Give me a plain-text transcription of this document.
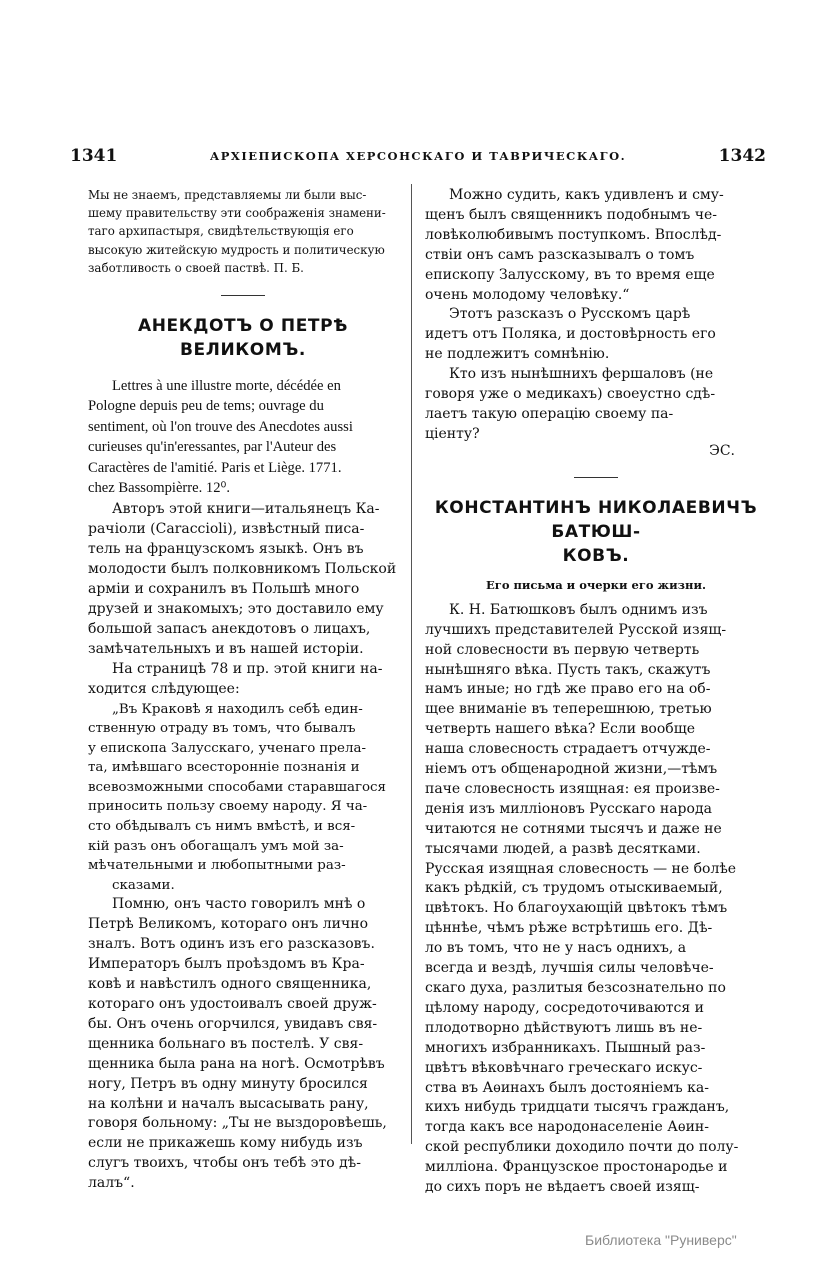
1341	АРХІЕПИСКОПА ХЕРСОНСКАГО И ТАВРИЧЕСКАГО.	1342

Мы не знаемъ, представляемы ли были выс-

шему правительству эти соображенія знамени-

таго архипастыря, свидѣтельствующія его

высокую житейскую мудрость и политическую

заботливость о своей паствѣ. П. Б.

АНЕКДОТЪ О ПЕТРѢ ВЕЛИКОМЪ.

Lettres à une illustre morte, décédée en

Pologne depuis peu de tems; ouvrage du

sentiment, où l'on trouve des Anecdotes aussi

curieuses qu'in'eressantes, par l'Auteur des

Caractères de l'amitié. Paris et Liège. 1771.

chez Bassompièrre. 12⁰.

Авторъ этой книги—итальянецъ Ка-

рачіоли (Caraccioli), извѣстный писа-

тель на французскомъ языкѣ. Онъ въ

молодости былъ полковникомъ Польской

арміи и сохранилъ въ Польшѣ много

друзей и знакомыхъ; это доставило ему

большой запасъ анекдотовъ о лицахъ,

замѣчательныхъ и въ нашей исторіи.

На страницѣ 78 и пр. этой книги на-

ходится слѣдующее:

„Въ Краковѣ я находилъ себѣ един-

ственную отраду въ томъ, что бывалъ

у епископа Залусскаго, ученаго прела-

та, имѣвшаго всесторонніе познанія и

всевозможными способами старавшагося

приносить пользу своему народу. Я ча-

сто обѣдывалъ съ нимъ вмѣстѣ, и вся-

кій разъ онъ обогащалъ умъ мой за-

мѣчательными и любопытными раз-

сказами.

Помню, онъ часто говорилъ мнѣ о

Петрѣ Великомъ, котораго онъ лично

зналъ. Вотъ одинъ изъ его разсказовъ.

Императоръ былъ проѣздомъ въ Кра-

ковѣ и навѣстилъ одного священника,

котораго онъ удостоивалъ своей друж-

бы. Онъ очень огорчился, увидавъ свя-

щенника больнаго въ постелѣ. У свя-

щенника была рана на ногѣ. Осмотрѣвъ

ногу, Петръ въ одну минуту бросился

на колѣни и началъ высасывать рану,

говоря больному: „Ты не выздоровѣешь,

если не прикажешь кому нибудь изъ

слугъ твоихъ, чтобы онъ тебѣ это дѣ-

лалъ“.

Можно судить, какъ удивленъ и сму-

щенъ былъ священникъ подобнымъ че-

ловѣколюбивымъ поступкомъ. Впослѣд-

ствіи онъ самъ разсказывалъ о томъ

епископу Залусскому, въ то время еще

очень молодому человѣку.“

Этотъ разсказъ о Русскомъ царѣ

идетъ отъ Поляка, и достовѣрность его

не подлежитъ сомнѣнію.

Кто изъ нынѣшнихъ фершаловъ (не

говоря уже о медикахъ) своеустно сдѣ-

лаетъ такую операцію своему па-

ціенту?

ЭС.
КОНСТАНТИНЪ НИКОЛАЕВИЧЪ БАТЮШ-
КОВЪ.

Его письма и очерки его жизни.

К. Н. Батюшковъ былъ однимъ изъ

лучшихъ представителей Русской изящ-

ной словесности въ первую четверть

нынѣшняго вѣка. Пусть такъ, скажутъ

намъ иные; но гдѣ же право его на об-

щее вниманіе въ теперешнюю, третью

четверть нашего вѣка? Если вообще

наша словесность страдаетъ отчужде-

ніемъ отъ общенародной жизни,—тѣмъ

паче словесность изящная: ея произве-

денія изъ милліоновъ Русскаго народа

читаются не сотнями тысячъ и даже не

тысячами людей, а развѣ десятками.

Русская изящная словесность — не болѣе

какъ рѣдкій, съ трудомъ отыскиваемый,

цвѣтокъ. Но благоухающій цвѣтокъ тѣмъ

цѣннѣе, чѣмъ рѣже встрѣтишь его. Дѣ-

ло въ томъ, что не у насъ однихъ, а

всегда и вездѣ, лучшія силы человѣче-

скаго духа, разлитыя безсознательно по

цѣлому народу, сосредоточиваются и

плодотворно дѣйствуютъ лишь въ не-

многихъ избранникахъ. Пышный раз-

цвѣтъ вѣковѣчнаго греческаго искус-

ства въ Аѳинахъ былъ достояніемъ ка-

кихъ нибудь тридцати тысячъ гражданъ,

тогда какъ все народонаселеніе Аѳин-

ской республики доходило почти до полу-

милліона. Французское простонародье и

до сихъ поръ не вѣдаетъ своей изящ-

Библиотека "Руниверс"
